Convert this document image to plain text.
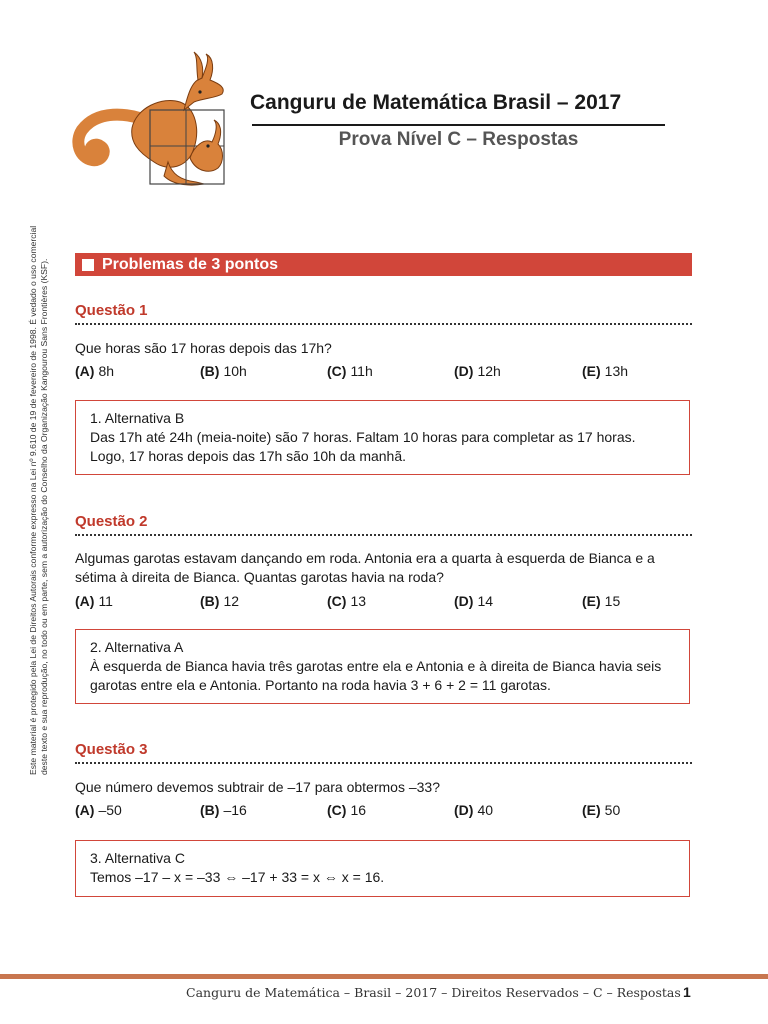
Canguru de Matemática Brasil – 2017
Prova Nível C – Respostas
Este material é protegido pela Lei de Direitos Autorais conforme expresso na Lei nº 9.610 de 19 de fevereiro de 1998. É vedado o uso comercial deste texto e sua reprodução, no todo ou em parte, sem a autorização do Conselho da Organização Kangourou Sans Frontières (KSF).	Problemas de 3 pontos
Questão 1
Que horas são 17 horas depois das 17h?
(A) 8h	(B) 10h	(C) 11h	(D) 12h	(E) 13h
1. Alternativa B
Das 17h até 24h (meia-noite) são 7 horas. Faltam 10 horas para completar as 17 horas.
Logo, 17 horas depois das 17h são 10h da manhã.
Questão 2
Algumas garotas estavam dançando em roda. Antonia era a quarta à esquerda de Bianca e a sétima à direita de Bianca. Quantas garotas havia na roda?
(A) 11	(B) 12	(C) 13	(D) 14	(E) 15
2. Alternativa A
À esquerda de Bianca havia três garotas entre ela e Antonia e à direita de Bianca havia seis
garotas entre ela e Antonia. Portanto na roda havia 3 + 6 + 2 = 11 garotas.
Questão 3
Que número devemos subtrair de –17 para obtermos –33?
(A) –50	(B) –16	(C) 16	(D) 40	(E) 50
3. Alternativa C
Temos –17 – x = –33 ⇔ –17 + 33 = x ⇔ x = 16.
Canguru de Matemática – Brasil – 2017 – Direitos Reservados – C – Respostas 1
